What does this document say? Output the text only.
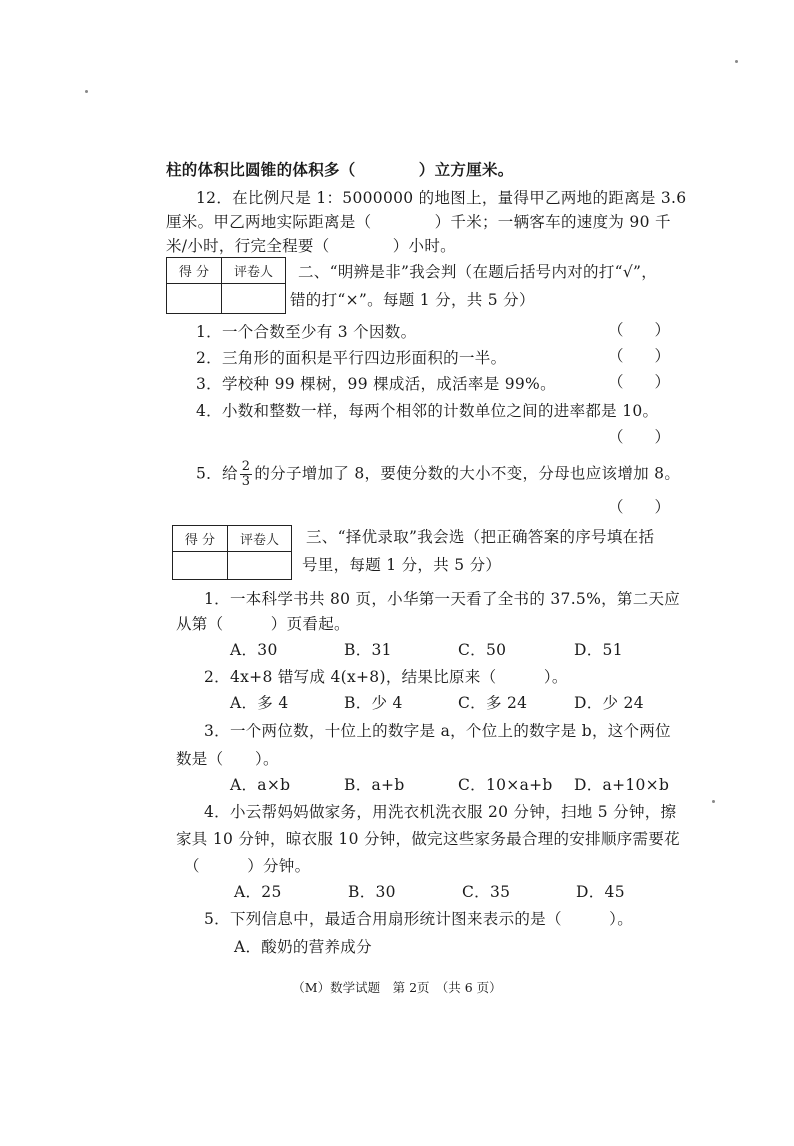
柱的体积比圆锥的体积多（　　　　）立方厘米。
12．在比例尺是 1：5000000 的地图上，量得甲乙两地的距离是 3.6
厘米。甲乙两地实际距离是（　　　　）千米；一辆客车的速度为 90 千
米/小时，行完全程要（　　　　）小时。
得 分	评卷人
	二、“明辨是非”我会判（在题后括号内对的打“√”，
错的打“×”。每题 1 分，共 5 分）
1．一个合数至少有 3 个因数。	（　　）
2．三角形的面积是平行四边形面积的一半。	（　　）
3．学校种 99 棵树，99 棵成活，成活率是 99%。	（　　）
4．小数和整数一样，每两个相邻的计数单位之间的进率都是 10。
（　　）
5．给 $\frac{2}{3}$ 的分子增加了 8，要使分数的大小不变，分母也应该增加 8。
（　　）
得 分	评卷人
	三、“择优录取”我会选（把正确答案的序号填在括
号里，每题 1 分，共 5 分）
1．一本科学书共 80 页，小华第一天看了全书的 37.5%，第二天应
从第（　　　）页看起。
A．30	B．31	C．50	D．51
2．4x+8 错写成 4(x+8)，结果比原来（　　　）。
A．多 4	B．少 4	C．多 24	D．少 24
3．一个两位数，十位上的数字是 a，个位上的数字是 b，这个两位
数是（　　）。
A．a×b	B．a+b	C．10×a+b D．a+10×b
4．小云帮妈妈做家务，用洗衣机洗衣服 20 分钟，扫地 5 分钟，擦
家具 10 分钟，晾衣服 10 分钟，做完这些家务最合理的安排顺序需要花
（　　　）分钟。
A．25	B．30	C．35	D．45
5．下列信息中，最适合用扇形统计图来表示的是（　　　）。
A．酸奶的营养成分
（M）数学试题　第 2页　（共 6 页）
